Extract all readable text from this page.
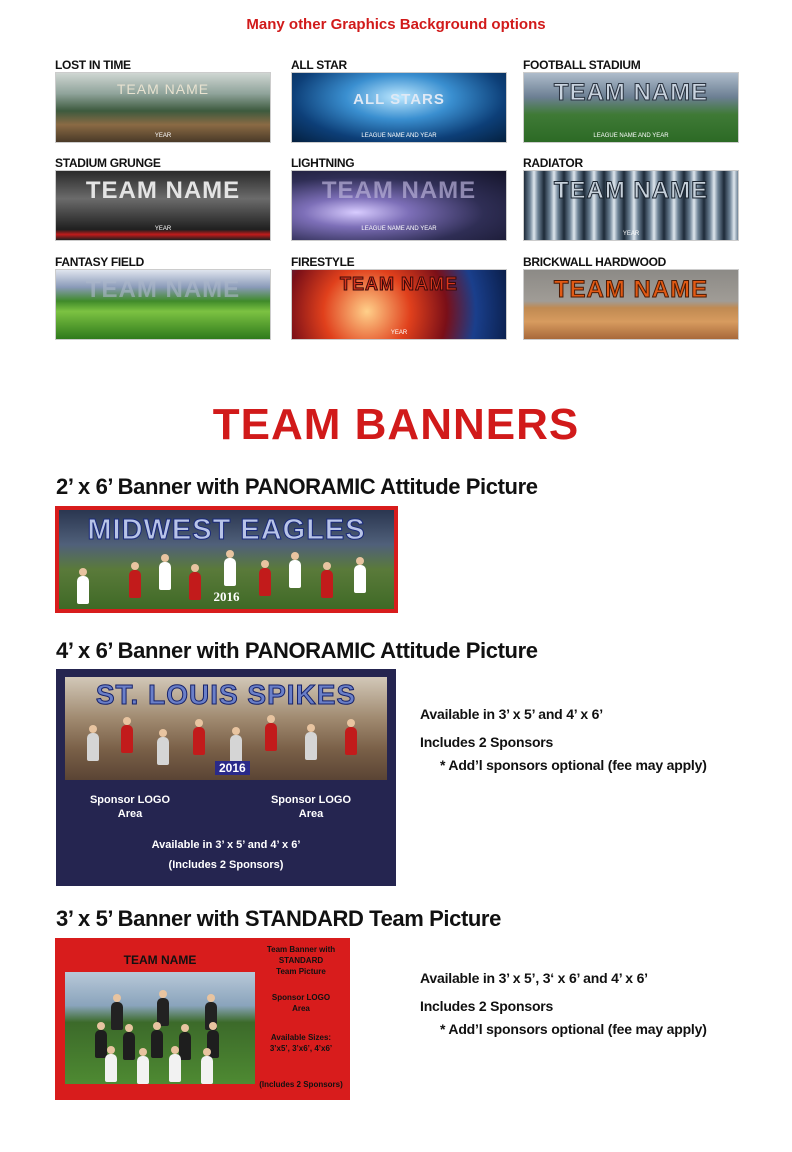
Many other Graphics Background options
LOST IN TIME
TEAM NAME
YEAR
ALL STAR
ALL STARS
LEAGUE NAME AND YEAR
FOOTBALL STADIUM
TEAM NAME
LEAGUE NAME AND YEAR
STADIUM GRUNGE
TEAM NAME
YEAR
LIGHTNING
TEAM NAME
LEAGUE NAME AND YEAR
RADIATOR
TEAM NAME
YEAR
FANTASY FIELD
TEAM NAME
FIRESTYLE
TEAM NAME
YEAR
BRICKWALL HARDWOOD
TEAM NAME
TEAM BANNERS
2’ x 6’ Banner with PANORAMIC Attitude Picture
MIDWEST EAGLES
2016
4’ x 6’ Banner with PANORAMIC Attitude Picture
ST. LOUIS SPIKES
2016
Sponsor LOGO
Area
Sponsor LOGO
Area
Available in 3’ x 5’ and 4’ x 6’
(Includes 2 Sponsors)
Available in 3’ x 5’ and 4’ x 6’
Includes 2 Sponsors
* Add’l sponsors optional (fee may apply)
3’ x 5’ Banner with STANDARD Team Picture
TEAM NAME
Team Banner with
STANDARD
Team Picture
Sponsor LOGO
Area
Available Sizes:
3’x5’, 3’x6’, 4’x6’
(Includes 2 Sponsors)
Available in 3’ x 5’, 3‘ x 6’ and 4’ x 6’
Includes 2 Sponsors
* Add’l sponsors optional (fee may apply)
